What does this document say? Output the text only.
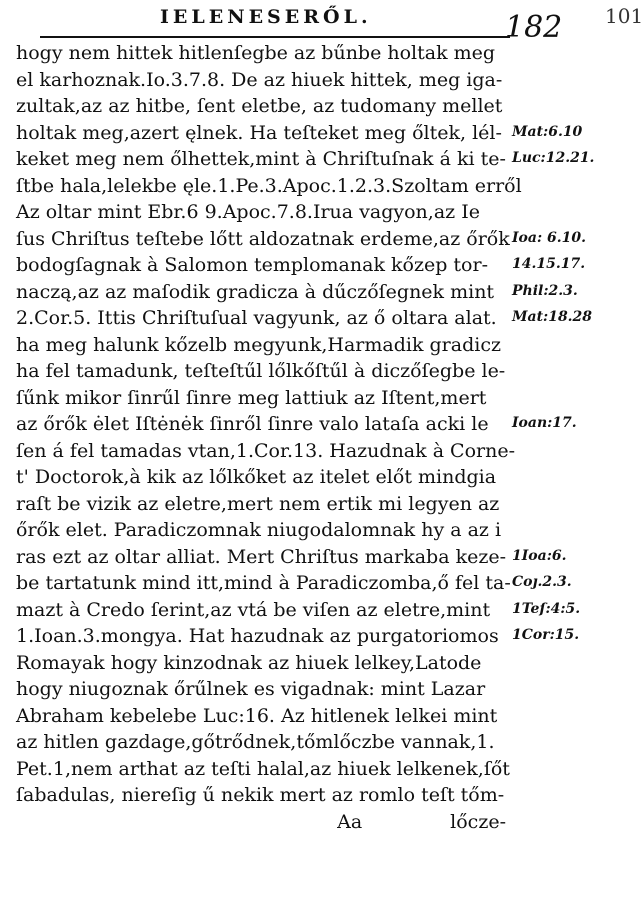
IELENESERŐL.	182 101
hogy nem hittek hitlenſegbe az bűnbe holtak meg
el karhoznak.Io.3.7.8. De az hiuek hittek, meg iga-
zultak,az az hitbe, ſent eletbe, az tudomany mellet
holtak meg,azert ęlnek. Ha teſteket meg őltek, lél-
keket meg nem őlhettek,mint à Chriſtuſnak á ki te-
ſtbe hala,lelekbe ęle.1.Pe.3.Apoc.1.2.3.Szoltam erről
Az oltar mint Ebr.6 9.Apoc.7.8.Irua vagyon,az Ie
ſus Chriſtus teſtebe lőtt aldozatnak erdeme,az őrők
bodogſagnak à Salomon templomanak kőzep tor-
naczą,az az maſodik gradicza à dűczőſegnek mint
2.Cor.5. Ittis Chriſtuſual vagyunk, az ő oltara alat.
ha meg halunk kőzelb megyunk,Harmadik gradicz
ha fel tamadunk, teſteſtűl lőlkőſtűl à diczőſegbe le-
ſűnk mikor ſinrűl ſinre meg lattiuk az Iſtent,mert
az őrők ėlet Iſtėnėk ſinről ſinre valo lataſa acki le
ſen á fel tamadas vtan,1.Cor.13. Hazudnak à Corne-
t' Doctorok,à kik az lőlkőket az itelet előt mindgia
raſt be vizik az eletre,mert nem ertik mi legyen az
őrők elet. Paradiczomnak niugodalomnak hy a az i
ras ezt az oltar alliat. Mert Chriſtus markaba keze-
be tartatunk mind itt,mind à Paradiczomba,ő fel ta-
mazt à Credo ſerint,az vtá be viſen az eletre,mint
1.Ioan.3.mongya. Hat hazudnak az purgatoriomos
Romayak hogy kinzodnak az hiuek lelkey,Latode
hogy niugoznak őrűlnek es vigadnak: mint Lazar
Abraham kebelebe Luc:16. Az hitlenek lelkei mint
az hitlen gazdage,gőtrődnek,tőmlőczbe vannak,1.
Pet.1,nem arthat az teſti halal,az hiuek lelkenek,ſőt
ſabadulas, niereſig ű nekik mert az romlo teſt tőm-
Aa	lőcze-
Mat:6.10
Luc:12.21.
Ioa: 6.10.
14.15.17.
Phil:2.3.
Mat:18.28
Ioan:17.
1Ioa:6.
Coȷ.2.3.
1Teſ:4:5.
1Cor:15.
